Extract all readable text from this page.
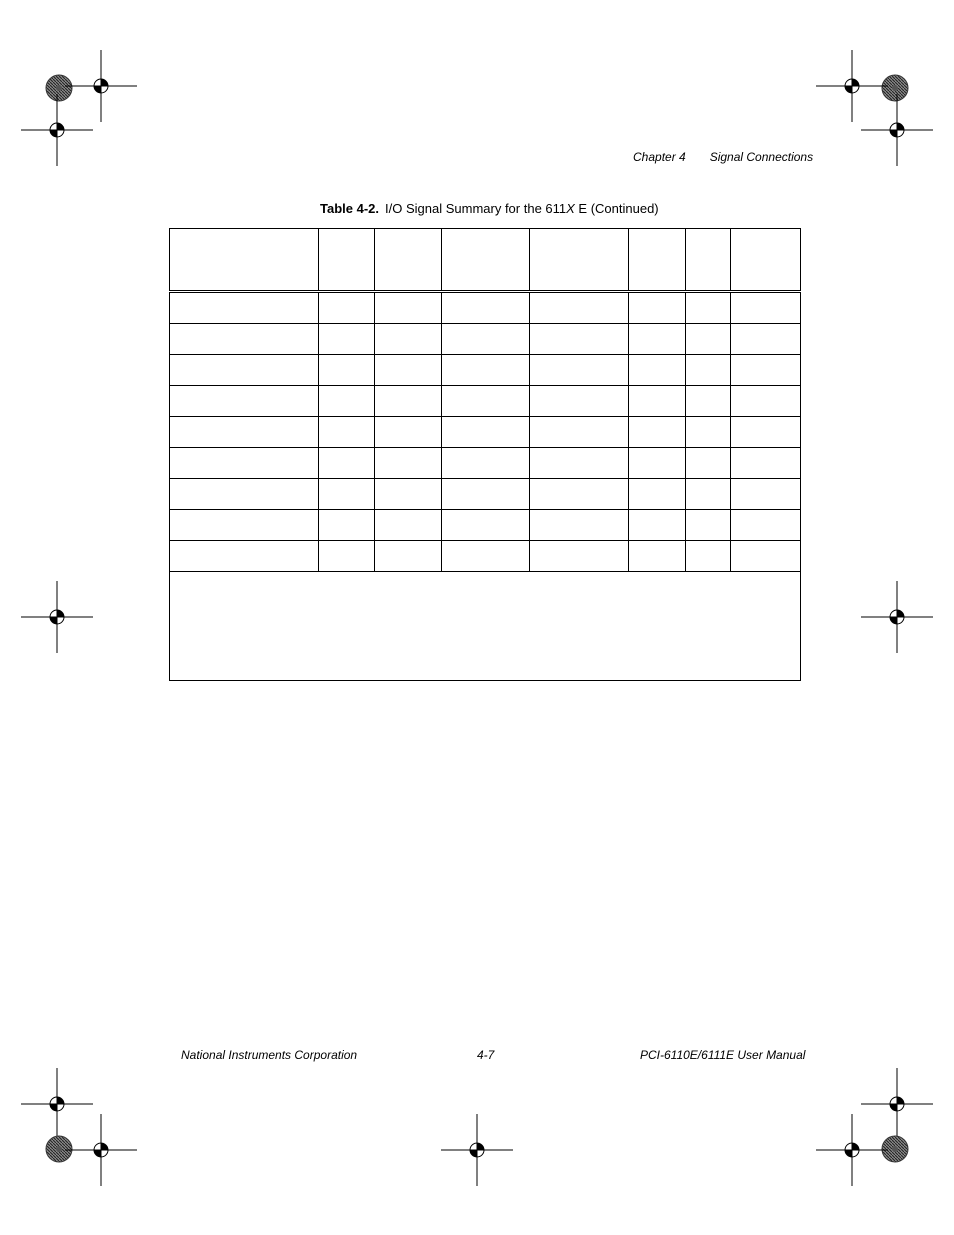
Chapter 4 Signal Connections
Table 4-2. I/O Signal Summary for the 611X E (Continued)

National Instruments Corporation	4-7	PCI-6110E/6111E User Manual
